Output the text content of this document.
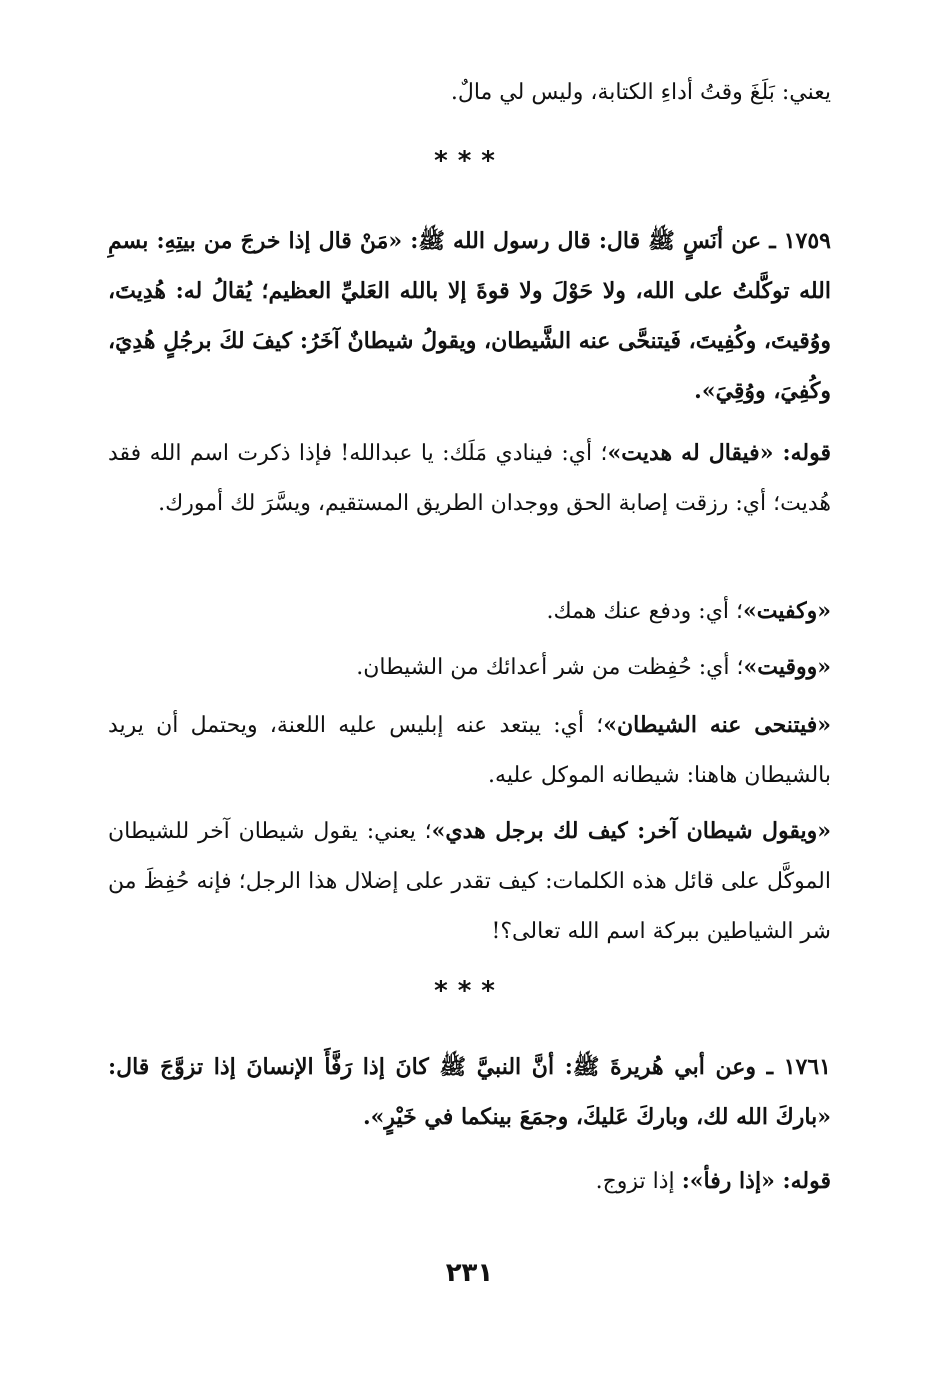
يعني: بَلَغَ وقتُ أداءِ الكتابة، وليس لي مالٌ.

***

١٧٥٩ ـ عن أنَسٍ ﷺ قال: قال رسول الله ﷺ: «مَنْ قال إذا خرجَ من بيتِهِ: بسمِ الله توكَّلتُ على الله، ولا حَوْلَ ولا قوةَ إلا بالله العَليِّ العظيم؛ يُقالُ له: هُدِيتَ، ووُقيتَ، وكُفِيتَ، فَيتنحَّى عنه الشَّيطان، ويقولُ شيطانٌ آخَرُ: كيفَ لكَ برجُلٍ هُدِيَ، وكُفِيَ، ووُقِيَ».

قوله: «فيقال له هديت»؛ أي: فينادي مَلَك: يا عبدالله! فإذا ذكرت اسم الله فقد هُديت؛ أي: رزقت إصابة الحق ووجدان الطريق المستقيم، ويسَّرَ لك أمورك.

«وكفيت»؛ أي: ودفع عنك همك.

«ووقيت»؛ أي: حُفِظت من شر أعدائك من الشيطان.

«فيتنحى عنه الشيطان»؛ أي: يبتعد عنه إبليس عليه اللعنة، ويحتمل أن يريد بالشيطان هاهنا: شيطانه الموكل عليه.

«ويقول شيطان آخر: كيف لك برجل هدي»؛ يعني: يقول شيطان آخر للشيطان الموكَّل على قائل هذه الكلمات: كيف تقدر على إضلال هذا الرجل؛ فإنه حُفِظَ من شر الشياطين ببركة اسم الله تعالى؟!

***

١٧٦١ ـ وعن أبي هُريرةَ ﷺ: أنَّ النبيَّ ﷺ كانَ إذا رَفَّأَ الإنسانَ إذا تزوَّجَ قال: «باركَ الله لك، وباركَ عَليكَ، وجمَعَ بينكما في خَيْرٍ».

قوله: «إذا رفأ»: إذا تزوج.

٢٣١
